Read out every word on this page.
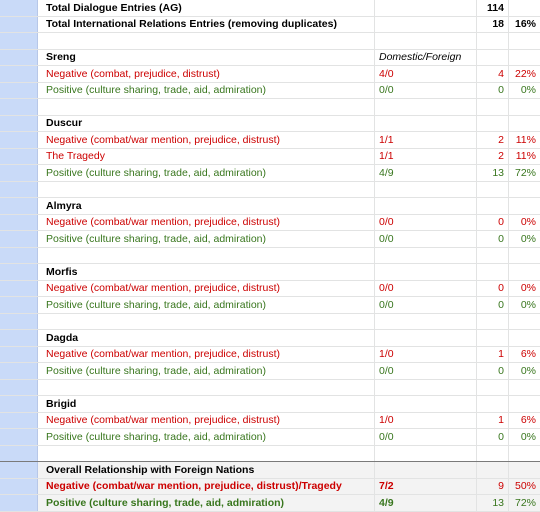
Total Dialogue Entries (AG)	114
Total International Relations Entries (removing duplicates)	18	16%
Sreng	Domestic/Foreign
Negative (combat, prejudice, distrust)	4/0	4	22%
Positive (culture sharing, trade, aid, admiration)	0/0	0	0%
Duscur
Negative (combat/war mention, prejudice, distrust)	1/1	2	11%
The Tragedy	1/1	2	11%
Positive (culture sharing, trade, aid, admiration)	4/9	13	72%
Almyra
Negative (combat/war mention, prejudice, distrust)	0/0	0	0%
Positive (culture sharing, trade, aid, admiration)	0/0	0	0%
Morfis
Negative (combat/war mention, prejudice, distrust)	0/0	0	0%
Positive (culture sharing, trade, aid, admiration)	0/0	0	0%
Dagda
Negative (combat/war mention, prejudice, distrust)	1/0	1	6%
Positive (culture sharing, trade, aid, admiration)	0/0	0	0%
Brigid
Negative (combat/war mention, prejudice, distrust)	1/0	1	6%
Positive (culture sharing, trade, aid, admiration)	0/0	0	0%
Overall Relationship with Foreign Nations
Negative (combat/war mention, prejudice, distrust)/Tragedy	7/2	9	50%
Positive (culture sharing, trade, aid, admiration)	4/9	13	72%
